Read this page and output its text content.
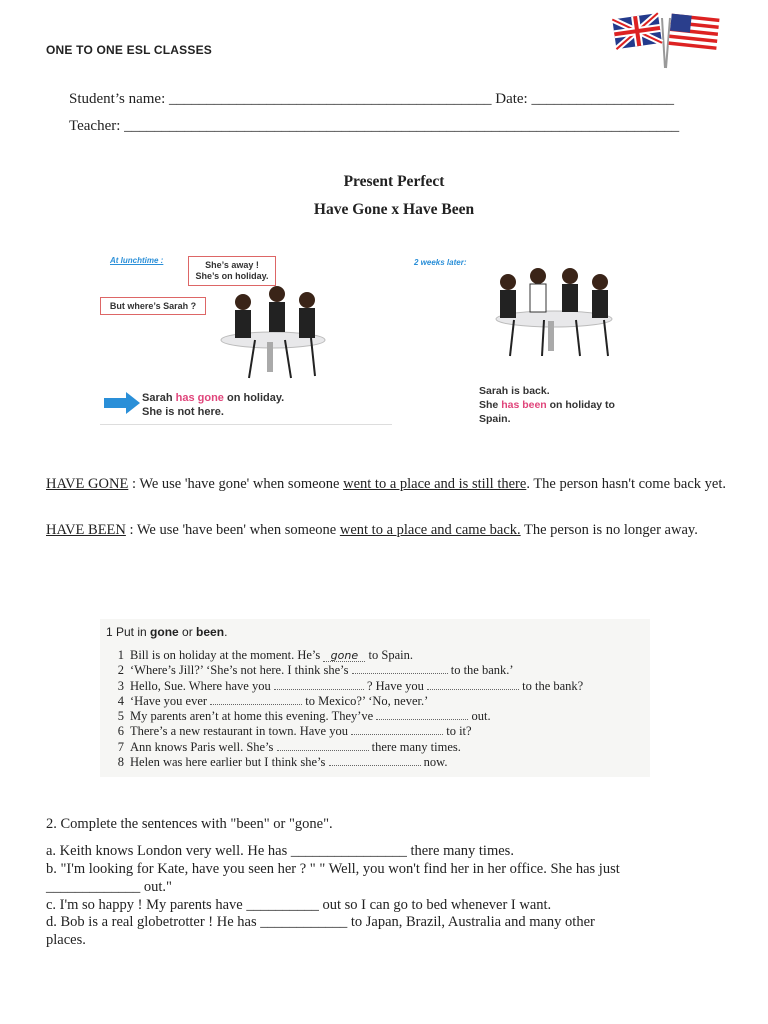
ONE TO ONE ESL CLASSES
Student’s name: ___________________________________________ Date: ___________________
Teacher: __________________________________________________________________________
Present Perfect
Have Gone x Have Been
At lunchtime :	She’s away ! She’s on holiday.
But where’s Sarah ?
Sarah has gone on holiday.
She is not here.
2 weeks later:
Sarah is back.
She has been on holiday to
Spain.
HAVE GONE : We use 'have gone' when someone went to a place and is still there. The person hasn't come back yet.
HAVE BEEN : We use 'have been' when someone went to a place and came back. The person is no longer away.
1 Put in gone or been.
1 Bill is on holiday at the moment. He’s gone to Spain.
2 ‘Where’s Jill?’ ‘She’s not here. I think she’s	to the bank.’
3 Hello, Sue. Where have you	? Have you	to the bank?
4 ‘Have you ever	to Mexico?’ ‘No, never.’
5 My parents aren’t at home this evening. They’ve	out.
6 There’s a new restaurant in town. Have you	to it?
7 Ann knows Paris well. She’s	there many times.
8 Helen was here earlier but I think she’s	now.
2. Complete the sentences with "been" or "gone".
a. Keith knows London very well. He has ________________ there many times.
b. "I'm looking for Kate, have you seen her ? " " Well, you won't find her in her office. She has just
_____________ out."
c. I'm so happy ! My parents have __________ out so I can go to bed whenever I want.
d. Bob is a real globetrotter ! He has ____________ to Japan, Brazil, Australia and many other
places.
